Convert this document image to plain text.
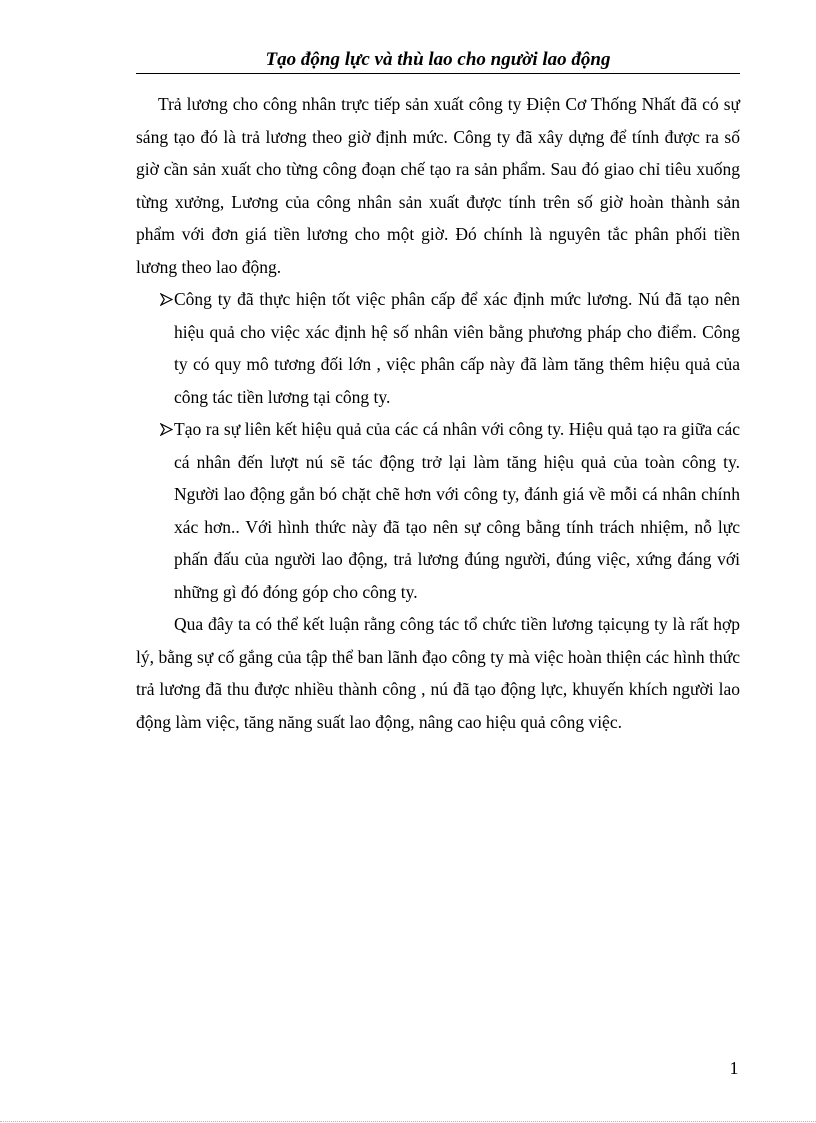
Tạo động lực và thù lao cho người lao động

Trả lương cho công nhân trực tiếp sản xuất công ty Điện Cơ Thống Nhất đã có sự sáng tạo đó là trả lương theo giờ định mức. Công ty đã xây dựng để tính được ra số giờ cần sản xuất cho từng công đoạn chế tạo ra sản phẩm. Sau đó giao chỉ tiêu xuống từng xưởng, Lương của công nhân sản xuất được tính trên số giờ hoàn thành sản phẩm với đơn giá tiền lương cho một giờ. Đó chính là nguyên tắc phân phối tiền lương theo lao động.

Công ty đã thực hiện tốt việc phân cấp để xác định mức lương. Nú đã tạo nên hiệu quả cho việc xác định hệ số nhân viên bằng phương pháp cho điểm. Công ty có quy mô tương đối lớn , việc phân cấp này đã làm tăng thêm hiệu quả của công tác tiền lương tại công ty.
Tạo ra sự liên kết hiệu quả của các cá nhân với công ty. Hiệu quả tạo ra giữa các cá nhân đến lượt nú sẽ tác động trở lại làm tăng hiệu quả của toàn công ty. Người lao động gắn bó chặt chẽ hơn với công ty, đánh giá về mỗi cá nhân chính xác hơn.. Với hình thức này đã tạo nên sự công bằng tính trách nhiệm, nỗ lực phấn đấu của người lao động, trả lương đúng người, đúng việc, xứng đáng với những gì đó đóng góp cho công ty.

Qua đây ta có thể kết luận rằng công tác tổ chức tiền lương tạicụng ty là rất hợp lý, bằng sự cố gắng của tập thể ban lãnh đạo công ty mà việc hoàn thiện các hình thức trả lương đã thu được nhiều thành công , nú đã tạo động lực, khuyến khích người lao động làm việc, tăng năng suất lao động, nâng cao hiệu quả công việc.

1
